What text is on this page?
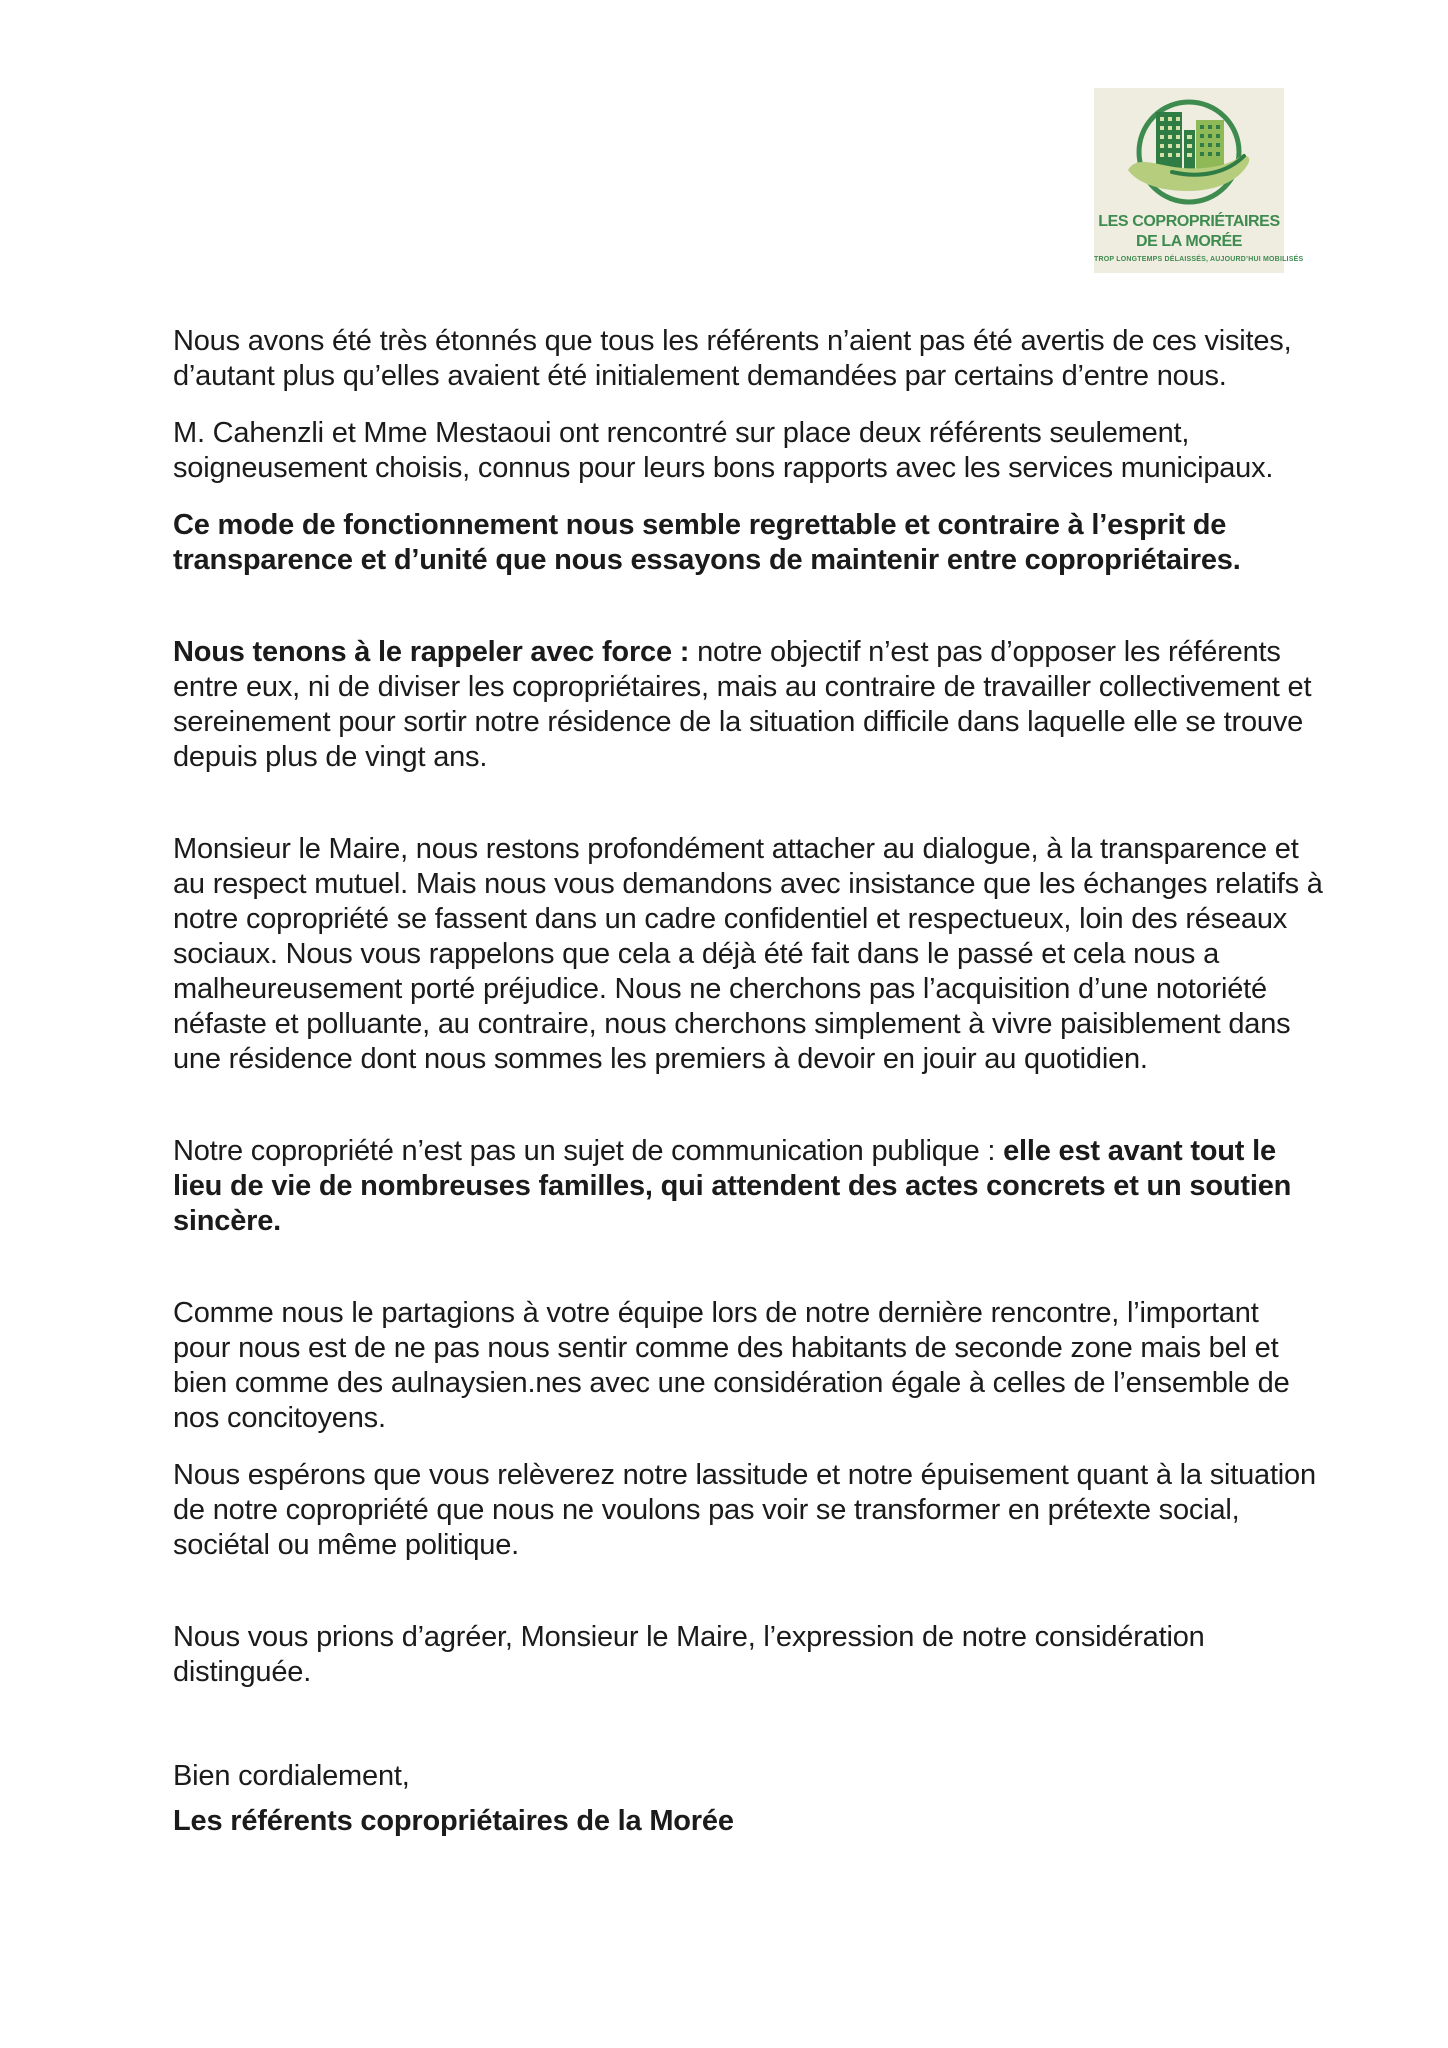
LES COPROPRIÉTAIRES
DE LA MORÉE
TROP LONGTEMPS DÉLAISSÉS, AUJOURD’HUI MOBILISÉS

Nous avons été très étonnés que tous les référents n’aient pas été avertis de ces visites, d’autant plus qu’elles avaient été initialement demandées par certains d’entre nous.

M. Cahenzli et Mme Mestaoui ont rencontré sur place deux référents seulement, soigneusement choisis, connus pour leurs bons rapports avec les services municipaux.

Ce mode de fonctionnement nous semble regrettable et contraire à l’esprit de transparence et d’unité que nous essayons de maintenir entre copropriétaires.

Nous tenons à le rappeler avec force : notre objectif n’est pas d’opposer les référents entre eux, ni de diviser les copropriétaires, mais au contraire de travailler collectivement et sereinement pour sortir notre résidence de la situation difficile dans laquelle elle se trouve depuis plus de vingt ans.

Monsieur le Maire, nous restons profondément attacher au dialogue, à la transparence et au respect mutuel. Mais nous vous demandons avec insistance que les échanges relatifs à notre copropriété se fassent dans un cadre confidentiel et respectueux, loin des réseaux sociaux. Nous vous rappelons que cela a déjà été fait dans le passé et cela nous a malheureusement porté préjudice. Nous ne cherchons pas l’acquisition d’une notoriété néfaste et polluante, au contraire, nous cherchons simplement à vivre paisiblement dans une résidence dont nous sommes les premiers à devoir en jouir au quotidien.

Notre copropriété n’est pas un sujet de communication publique : elle est avant tout le lieu de vie de nombreuses familles, qui attendent des actes concrets et un soutien sincère.

Comme nous le partagions à votre équipe lors de notre dernière rencontre, l’important pour nous est de ne pas nous sentir comme des habitants de seconde zone mais bel et bien comme des aulnaysien.nes avec une considération égale à celles de l’ensemble de nos concitoyens.

Nous espérons que vous relèverez notre lassitude et notre épuisement quant à la situation de notre copropriété que nous ne voulons pas voir se transformer en prétexte social, sociétal ou même politique.

Nous vous prions d’agréer, Monsieur le Maire, l’expression de notre considération distinguée.

Bien cordialement,

Les référents copropriétaires de la Morée
